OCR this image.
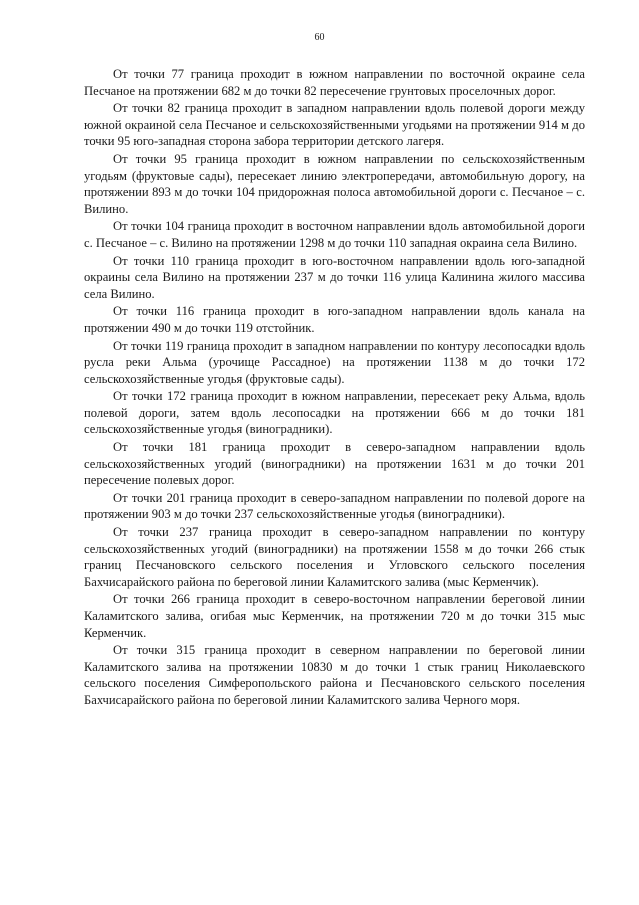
60

От точки 77 граница проходит в южном направлении по восточной окраине села Песчаное на протяжении 682 м до точки 82 пересечение грунтовых проселочных дорог.

От точки 82 граница проходит в западном направлении вдоль полевой дороги между южной окраиной села Песчаное и сельскохозяйственными угодьями на протяжении 914 м до точки 95 юго-западная сторона забора территории детского лагеря.

От точки 95 граница проходит в южном направлении по сельскохозяйственным угодьям (фруктовые сады), пересекает линию электропередачи, автомобильную дорогу, на протяжении 893 м до точки 104 придорожная полоса автомобильной дороги с. Песчаное – с. Вилино.

От точки 104 граница проходит в восточном направлении вдоль автомобильной дороги с. Песчаное – с. Вилино на протяжении 1298 м до точки 110 западная окраина села Вилино.

От точки 110 граница проходит в юго-восточном направлении вдоль юго-западной окраины села Вилино на протяжении 237 м до точки 116 улица Калинина жилого массива села Вилино.

От точки 116 граница проходит в юго-западном направлении вдоль канала на протяжении 490 м до точки 119 отстойник.

От точки 119 граница проходит в западном направлении по контуру лесопосадки вдоль русла реки Альма (урочище Рассадное) на протяжении 1138 м до точки 172 сельскохозяйственные угодья (фруктовые сады).

От точки 172 граница проходит в южном направлении, пересекает реку Альма, вдоль полевой дороги, затем вдоль лесопосадки на протяжении 666 м до точки 181 сельскохозяйственные угодья (виноградники).

От точки 181 граница проходит в северо-западном направлении вдоль сельскохозяйственных угодий (виноградники) на протяжении 1631 м до точки 201 пересечение полевых дорог.

От точки 201 граница проходит в северо-западном направлении по полевой дороге на протяжении 903 м до точки 237 сельскохозяйственные угодья (виноградники).

От точки 237 граница проходит в северо-западном направлении по контуру сельскохозяйственных угодий (виноградники) на протяжении 1558 м до точки 266 стык границ Песчановского сельского поселения и Угловского сельского поселения Бахчисарайского района по береговой линии Каламитского залива (мыс Керменчик).

От точки 266 граница проходит в северо-восточном направлении береговой линии Каламитского залива, огибая мыс Керменчик, на протяжении 720 м до точки 315 мыс Керменчик.

От точки 315 граница проходит в северном направлении по береговой линии Каламитского залива на протяжении 10830 м до точки 1 стык границ Николаевского сельского поселения Симферопольского района и Песчановского сельского поселения Бахчисарайского района по береговой линии Каламитского залива Черного моря.
